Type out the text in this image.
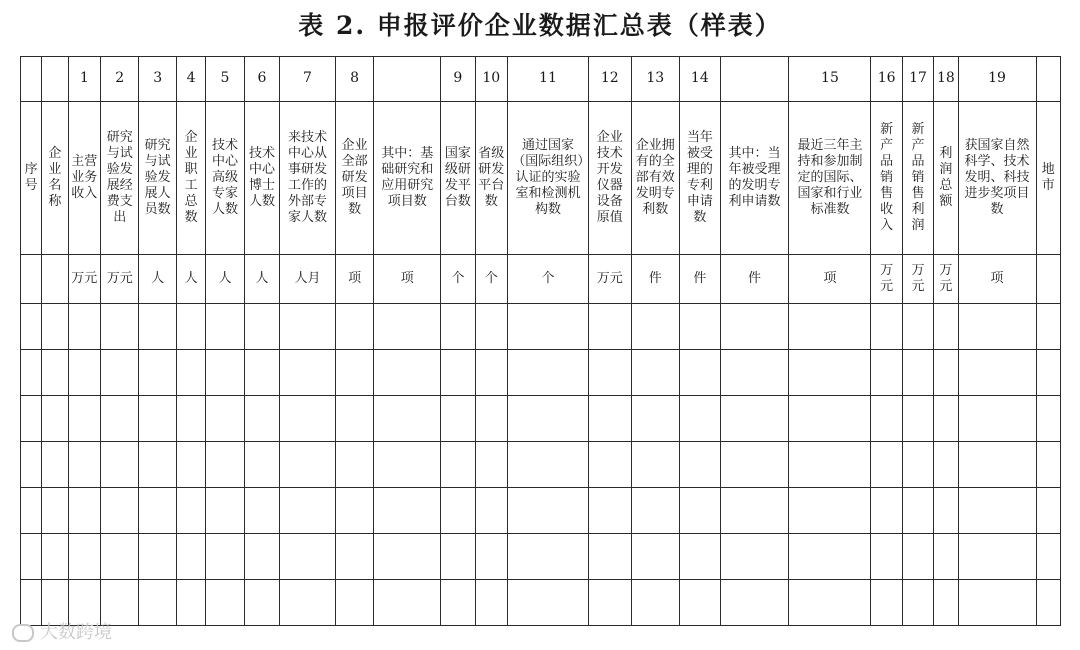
表 2. 申报评价企业数据汇总表（样表）
		1	2	3	4	5	6	7	8		9	10	11	12	13	14		15	16	17	18	19	
序号	企业名称	主营业务收入	研究与试验发展经费支出	研究与试验发展人员数	企业职工总数	技术中心高级专家人数	技术中心博士人数	来技术中心从事研发工作的外部专家人数	企业全部研发项目数	其中：基础研究和应用研究项目数	国家级研发平台数	省级研发平台数	通过国家（国际组织）认证的实验室和检测机构数	企业技术开发仪器设备原值	企业拥有的全部有效发明专利数	当年被受理的专利申请数	其中：当年被受理的发明专利申请数	最近三年主持和参加制定的国际、国家和行业标准数	新产品销售收入	新产品销售利润	利润总额	获国家自然科学、技术发明、科技进步奖项目数	地市
		万元	万元	人	人	人	人	人月	项	项	个	个	个	万元	件	件	件	项	万元	万元	万元	项	

大数跨境
